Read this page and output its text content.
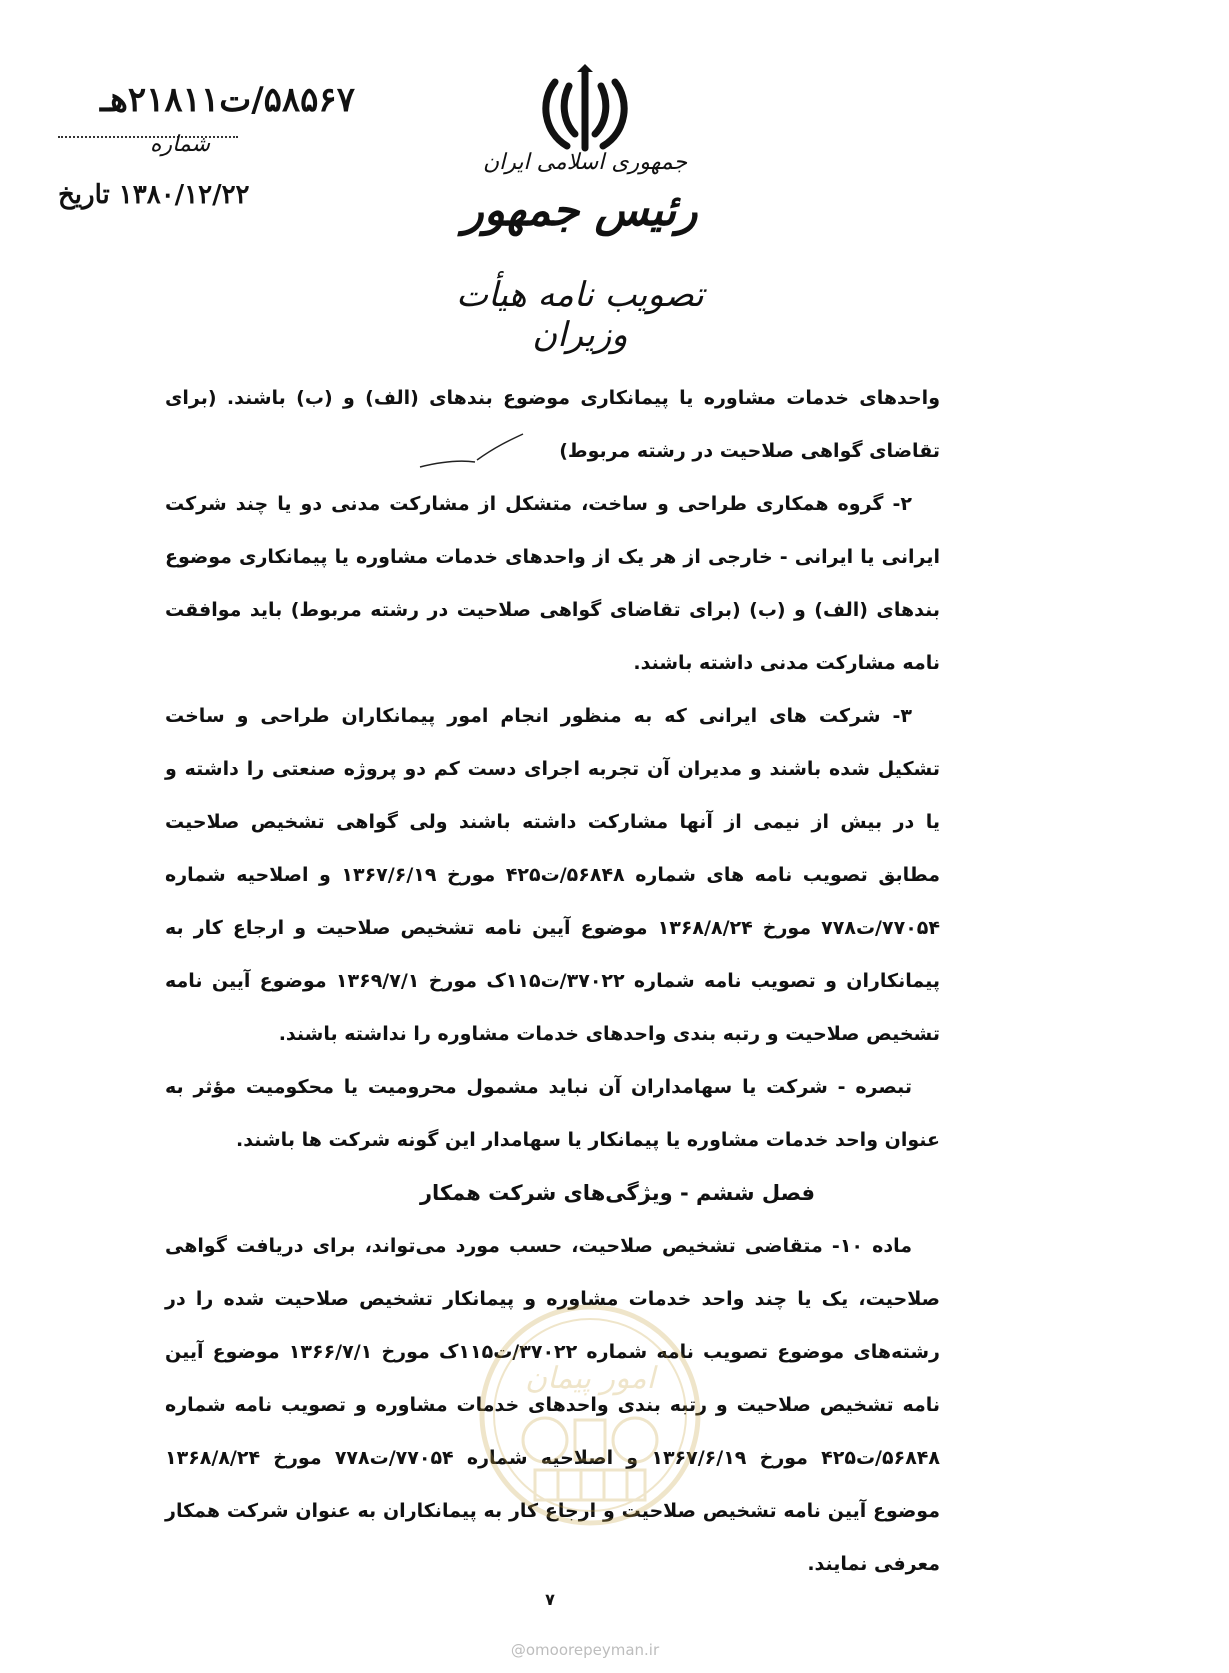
۵۸۵۶۷/ت۲۱۸۱۱هـ
شماره
۱۳۸۰/۱۲/۲۲ تاریخ
جمهوری اسلامی ایران
رئیس جمهور
تصویب نامه هیأت وزیران

واحدهای خدمات مشاوره یا پیمانکاری موضوع بندهای (الف) و (ب) باشند. (برای تقاضای گواهی صلاحیت در رشته مربوط)

۲- گروه همکاری طراحی و ساخت، متشکل از مشارکت مدنی دو یا چند شرکت ایرانی یا ایرانی - خارجی از هر یک از واحدهای خدمات مشاوره یا پیمانکاری موضوع بندهای (الف) و (ب) (برای تقاضای گواهی صلاحیت در رشته مربوط) باید موافقت نامه مشارکت مدنی داشته باشند.

۳- شرکت های ایرانی که به منظور انجام امور پیمانکاران طراحی و ساخت تشکیل شده باشند و مدیران آن تجربه اجرای دست کم دو پروژه صنعتی را داشته و یا در بیش از نیمی از آنها مشارکت داشته باشند ولی گواهی تشخیص صلاحیت مطابق تصویب نامه های شماره ۵۶۸۴۸/ت۴۲۵ مورخ ۱۳۶۷/۶/۱۹ و اصلاحیه شماره ۷۷۰۵۴/ت۷۷۸ مورخ ۱۳۶۸/۸/۲۴ موضوع آیین نامه تشخیص صلاحیت و ارجاع کار به پیمانکاران و تصویب نامه شماره ۳۷۰۲۲/ت۱۱۵ک مورخ ۱۳۶۹/۷/۱ موضوع آیین نامه تشخیص صلاحیت و رتبه بندی واحدهای خدمات مشاوره را نداشته باشند.

تبصره - شرکت یا سهامداران آن نباید مشمول محرومیت یا محکومیت مؤثر به عنوان واحد خدمات مشاوره یا پیمانکار یا سهامدار این گونه شرکت ها باشند.

فصل ششم - ویژگی‌های شرکت همکار

ماده ۱۰- متقاضی تشخیص صلاحیت، حسب مورد می‌تواند، برای دریافت گواهی صلاحیت، یک یا چند واحد خدمات مشاوره و پیمانکار تشخیص صلاحیت شده را در رشته‌های موضوع تصویب نامه شماره ۳۷۰۲۲/ت۱۱۵ک مورخ ۱۳۶۶/۷/۱ موضوع آیین نامه تشخیص صلاحیت و رتبه بندی واحدهای خدمات مشاوره و تصویب نامه شماره ۵۶۸۴۸/ت۴۲۵ مورخ ۱۳۶۷/۶/۱۹ و اصلاحیه شماره ۷۷۰۵۴/ت۷۷۸ مورخ ۱۳۶۸/۸/۲۴ موضوع آیین نامه تشخیص صلاحیت و ارجاع کار به پیمانکاران به عنوان شرکت همکار معرفی نمایند.

امور پیمان
۷
@omoorepeyman.ir
